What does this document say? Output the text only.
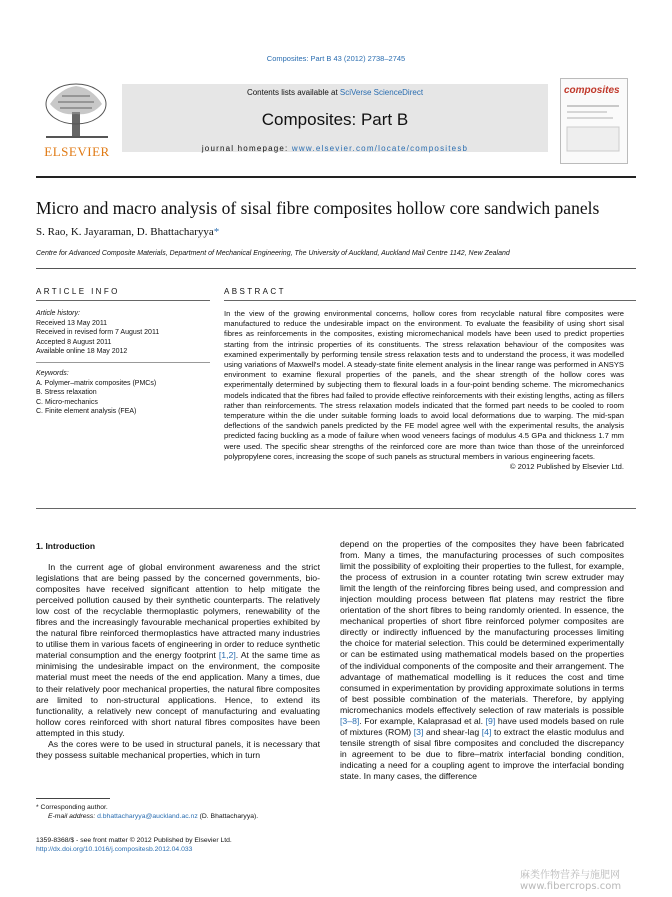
Composites: Part B 43 (2012) 2738–2745
ELSEVIER
Contents lists available at SciVerse ScienceDirect
Composites: Part B
journal homepage: www.elsevier.com/locate/compositesb
composites
Micro and macro analysis of sisal fibre composites hollow core sandwich panels
S. Rao, K. Jayaraman, D. Bhattacharyya*
Centre for Advanced Composite Materials, Department of Mechanical Engineering, The University of Auckland, Auckland Mail Centre 1142, New Zealand
ARTICLE INFO
Article history:
Received 13 May 2011
Received in revised form 7 August 2011
Accepted 8 August 2011
Available online 18 May 2012
Keywords:
A. Polymer–matrix composites (PMCs)
B. Stress relaxation
C. Micro-mechanics
C. Finite element analysis (FEA)
ABSTRACT
In the view of the growing environmental concerns, hollow cores from recyclable natural fibre composites were manufactured to reduce the undesirable impact on the environment. To evaluate the feasibility of using short sisal fibres as reinforcements in the composites, existing micromechanical models have been used to predict properties starting from the intrinsic properties of its constituents. The stress relaxation behaviour of the composites was examined experimentally by performing tensile stress relaxation tests and to understand the process, it was modelled using variations of Maxwell's model. A steady-state finite element analysis in the linear range was performed in ANSYS environment to examine flexural properties of the panels, and the shear strength of the hollow cores was experimentally determined by subjecting them to flexural loads in a four-point bending scheme. The micromechanics models indicated that the fibres had failed to provide effective reinforcements with their existing lengths, acting as fillers rather than reinforcements. The stress relaxation models indicated that the formed part needs to be cooled to room temperature within the die under suitable forming loads to avoid local deformations due to warping. The mid-span deflections of the sandwich panels predicted by the FE model agree well with the experimental results, the analysis predicted facing buckling as a mode of failure when wood veneers facings of modulus 4.5 GPa and thickness 1.7 mm were used. The specific shear strengths of the reinforced core are more than twice than those of the unreinforced polypropylene cores, increasing the scope of such panels as structural members in various engineering facets.
© 2012 Published by Elsevier Ltd.
1. Introduction

In the current age of global environment awareness and the strict legislations that are being passed by the concerned governments, bio-composites have received significant attention to help mitigate the perceived pollution caused by their synthetic counterparts. The relatively low cost of the recyclable thermoplastic polymers, renewability of the fibres and the increasingly favourable mechanical properties exhibited by the natural fibre reinforced thermoplastics have attracted many industries to utilise them in various facets of engineering in order to reduce synthetic material consumption and the energy footprint [1,2]. At the same time as minimising the undesirable impact on the environment, the composite material must meet the needs of the end application. Many a times, due to their relatively poor mechanical properties, the natural fibre composites are limited to non-structural applications. Hence, to extend its functionality, a relatively new concept of manufacturing and evaluating hollow cores reinforced with short natural fibres composites have been attempted in this study.

As the cores were to be used in structural panels, it is necessary that they possess suitable mechanical properties, which in turn

depend on the properties of the composites they have been fabricated from. Many a times, the manufacturing processes of such composites limit the possibility of exploiting their properties to the fullest, for example, the process of extrusion in a counter rotating twin screw extruder may limit the length of the reinforcing fibres being used, and compression and injection moulding process between flat platens may restrict the fibre orientation of the short fibres to being randomly oriented. In essence, the mechanical properties of short fibre reinforced polymer composites are directly or indirectly influenced by the manufacturing processes limiting the choice for material selection. This could be determined experimentally or can be estimated using mathematical models based on the properties of the individual components of the composite and their arrangement. The advantage of mathematical modelling is it reduces the cost and time consumed in experimentation by providing approximate solutions in terms of best possible combination of the materials. Therefore, by applying micromechanics models effectively selection of raw materials is possible [3–8]. For example, Kalaprasad et al. [9] have used models based on rule of mixtures (ROM) [3] and shear-lag [4] to extract the elastic modulus and tensile strength of sisal fibre composites and concluded the discrepancy in agreement to be due to fibre–matrix interfacial bonding condition, indicating a need for a coupling agent to improve the interfacial bonding state. In many cases, the difference

* Corresponding author.
E-mail address: d.bhattacharyya@auckland.ac.nz (D. Bhattacharyya).
1359-8368/$ - see front matter © 2012 Published by Elsevier Ltd.
http://dx.doi.org/10.1016/j.compositesb.2012.04.033
麻类作物营养与施肥网 www.fibercrops.com
